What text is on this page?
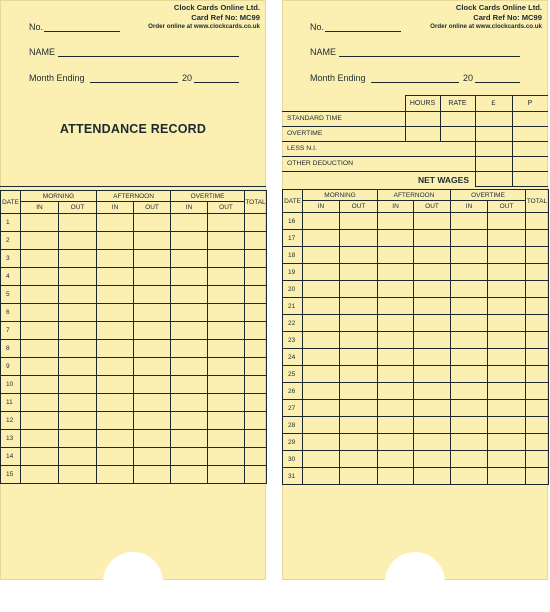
Clock Cards Online Ltd.
Card Ref No: MC99
Order online at www.clockcards.co.uk
No.
NAME
Month Ending	20
ATTENDANCE RECORD
DATE	MORNING		AFTERNOON		OVERTIME		TOTAL
	IN	OUT	IN	OUT	IN	OUT	
1							
2							
3							
4							
5							
6							
7							
8							
9							
10							
11							
12							
13							
14							
15							
Clock Cards Online Ltd.
Card Ref No: MC99
Order online at www.clockcards.co.uk
No.
NAME
Month Ending	20
HOURS	RATE	£	P
STANDARD TIME
OVERTIME
LESS N.I.
OTHER DEDUCTION
NET WAGES
DATE	MORNING		AFTERNOON		OVERTIME		TOTAL
	IN	OUT	IN	OUT	IN	OUT	
16							
17							
18							
19							
20							
21							
22							
23							
24							
25							
26							
27							
28							
29							
30							
31							
